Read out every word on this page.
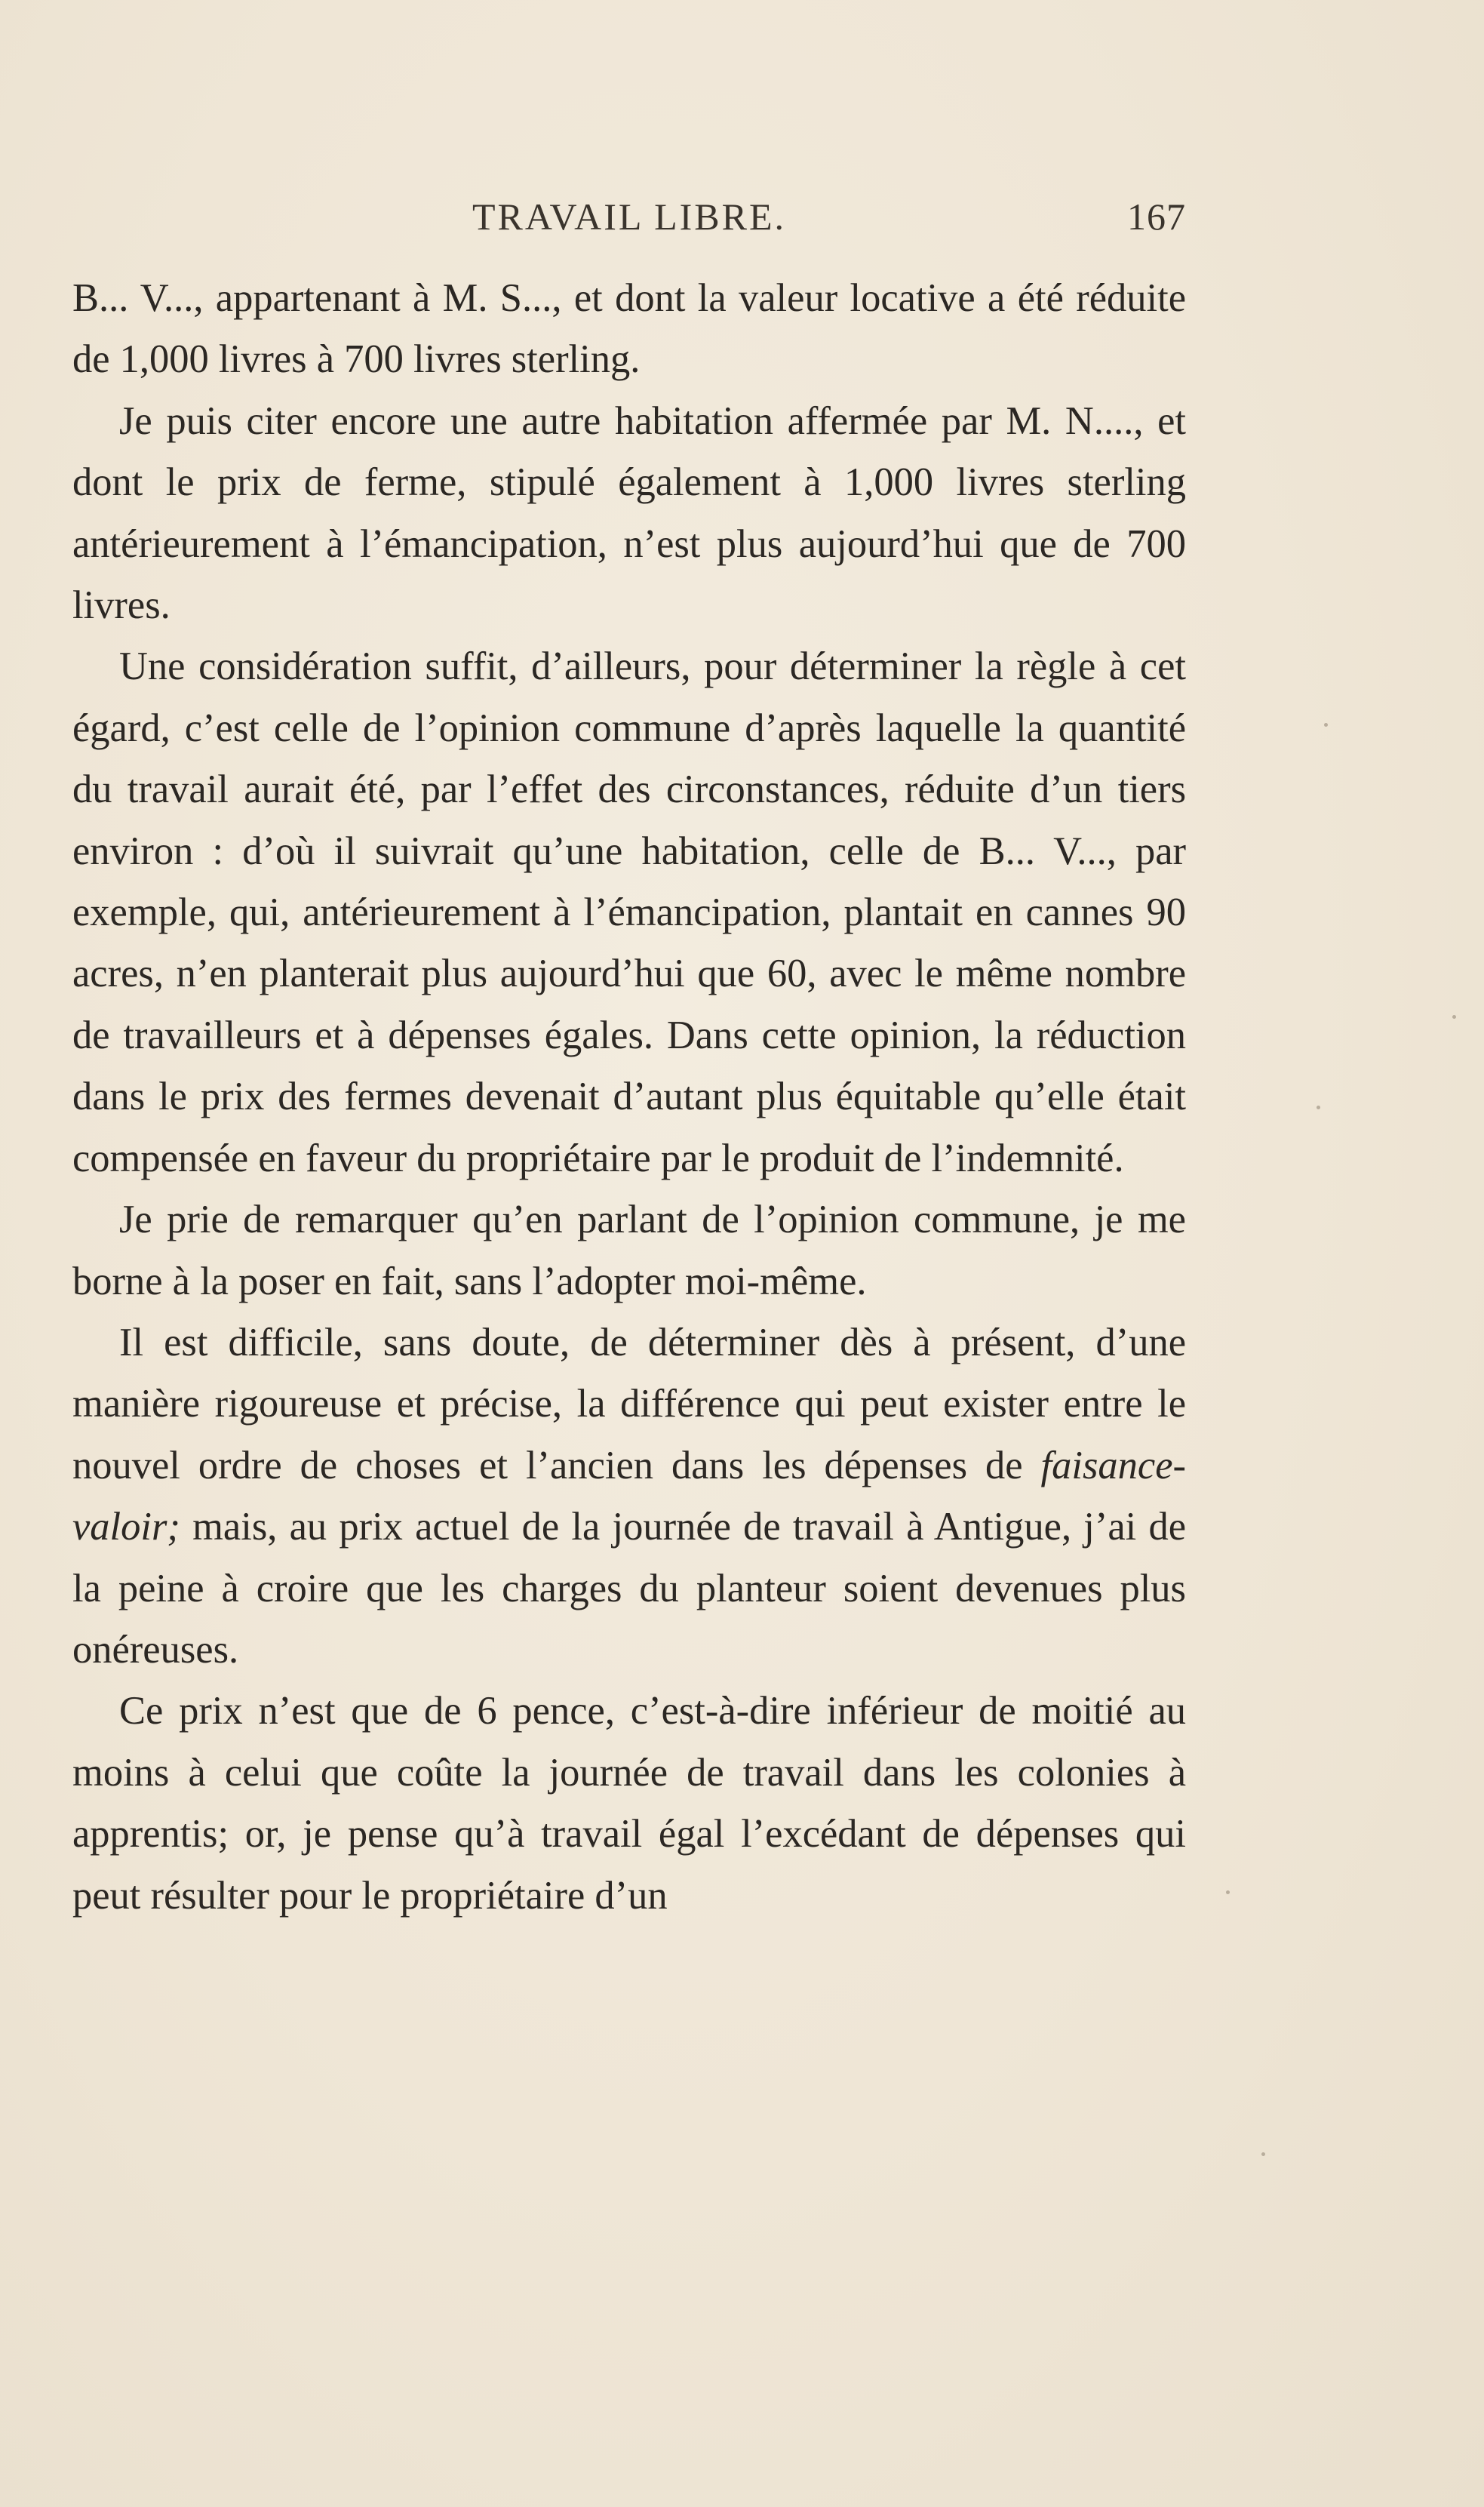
TRAVAIL LIBRE.	167

B... V..., appartenant à M. S..., et dont la valeur locative a été réduite de 1,000 livres à 700 livres sterling.

Je puis citer encore une autre habitation affermée par M. N...., et dont le prix de ferme, stipulé également à 1,000 livres sterling antérieurement à l’émancipation, n’est plus aujourd’hui que de 700 livres.

Une considération suffit, d’ailleurs, pour déterminer la règle à cet égard, c’est celle de l’opinion commune d’après laquelle la quantité du travail aurait été, par l’effet des circonstances, réduite d’un tiers environ : d’où il suivrait qu’une habitation, celle de B... V..., par exemple, qui, antérieurement à l’émancipation, plantait en cannes 90 acres, n’en planterait plus aujourd’hui que 60, avec le même nombre de travailleurs et à dépenses égales. Dans cette opinion, la réduction dans le prix des fermes devenait d’autant plus équitable qu’elle était compensée en faveur du propriétaire par le produit de l’indemnité.

Je prie de remarquer qu’en parlant de l’opinion commune, je me borne à la poser en fait, sans l’adopter moi-même.

Il est difficile, sans doute, de déterminer dès à présent, d’une manière rigoureuse et précise, la différence qui peut exister entre le nouvel ordre de choses et l’ancien dans les dépenses de faisance-valoir; mais, au prix actuel de la journée de travail à Antigue, j’ai de la peine à croire que les charges du planteur soient devenues plus onéreuses.

Ce prix n’est que de 6 pence, c’est-à-dire inférieur de moitié au moins à celui que coûte la journée de travail dans les colonies à apprentis; or, je pense qu’à travail égal l’excédant de dépenses qui peut résulter pour le propriétaire d’un
